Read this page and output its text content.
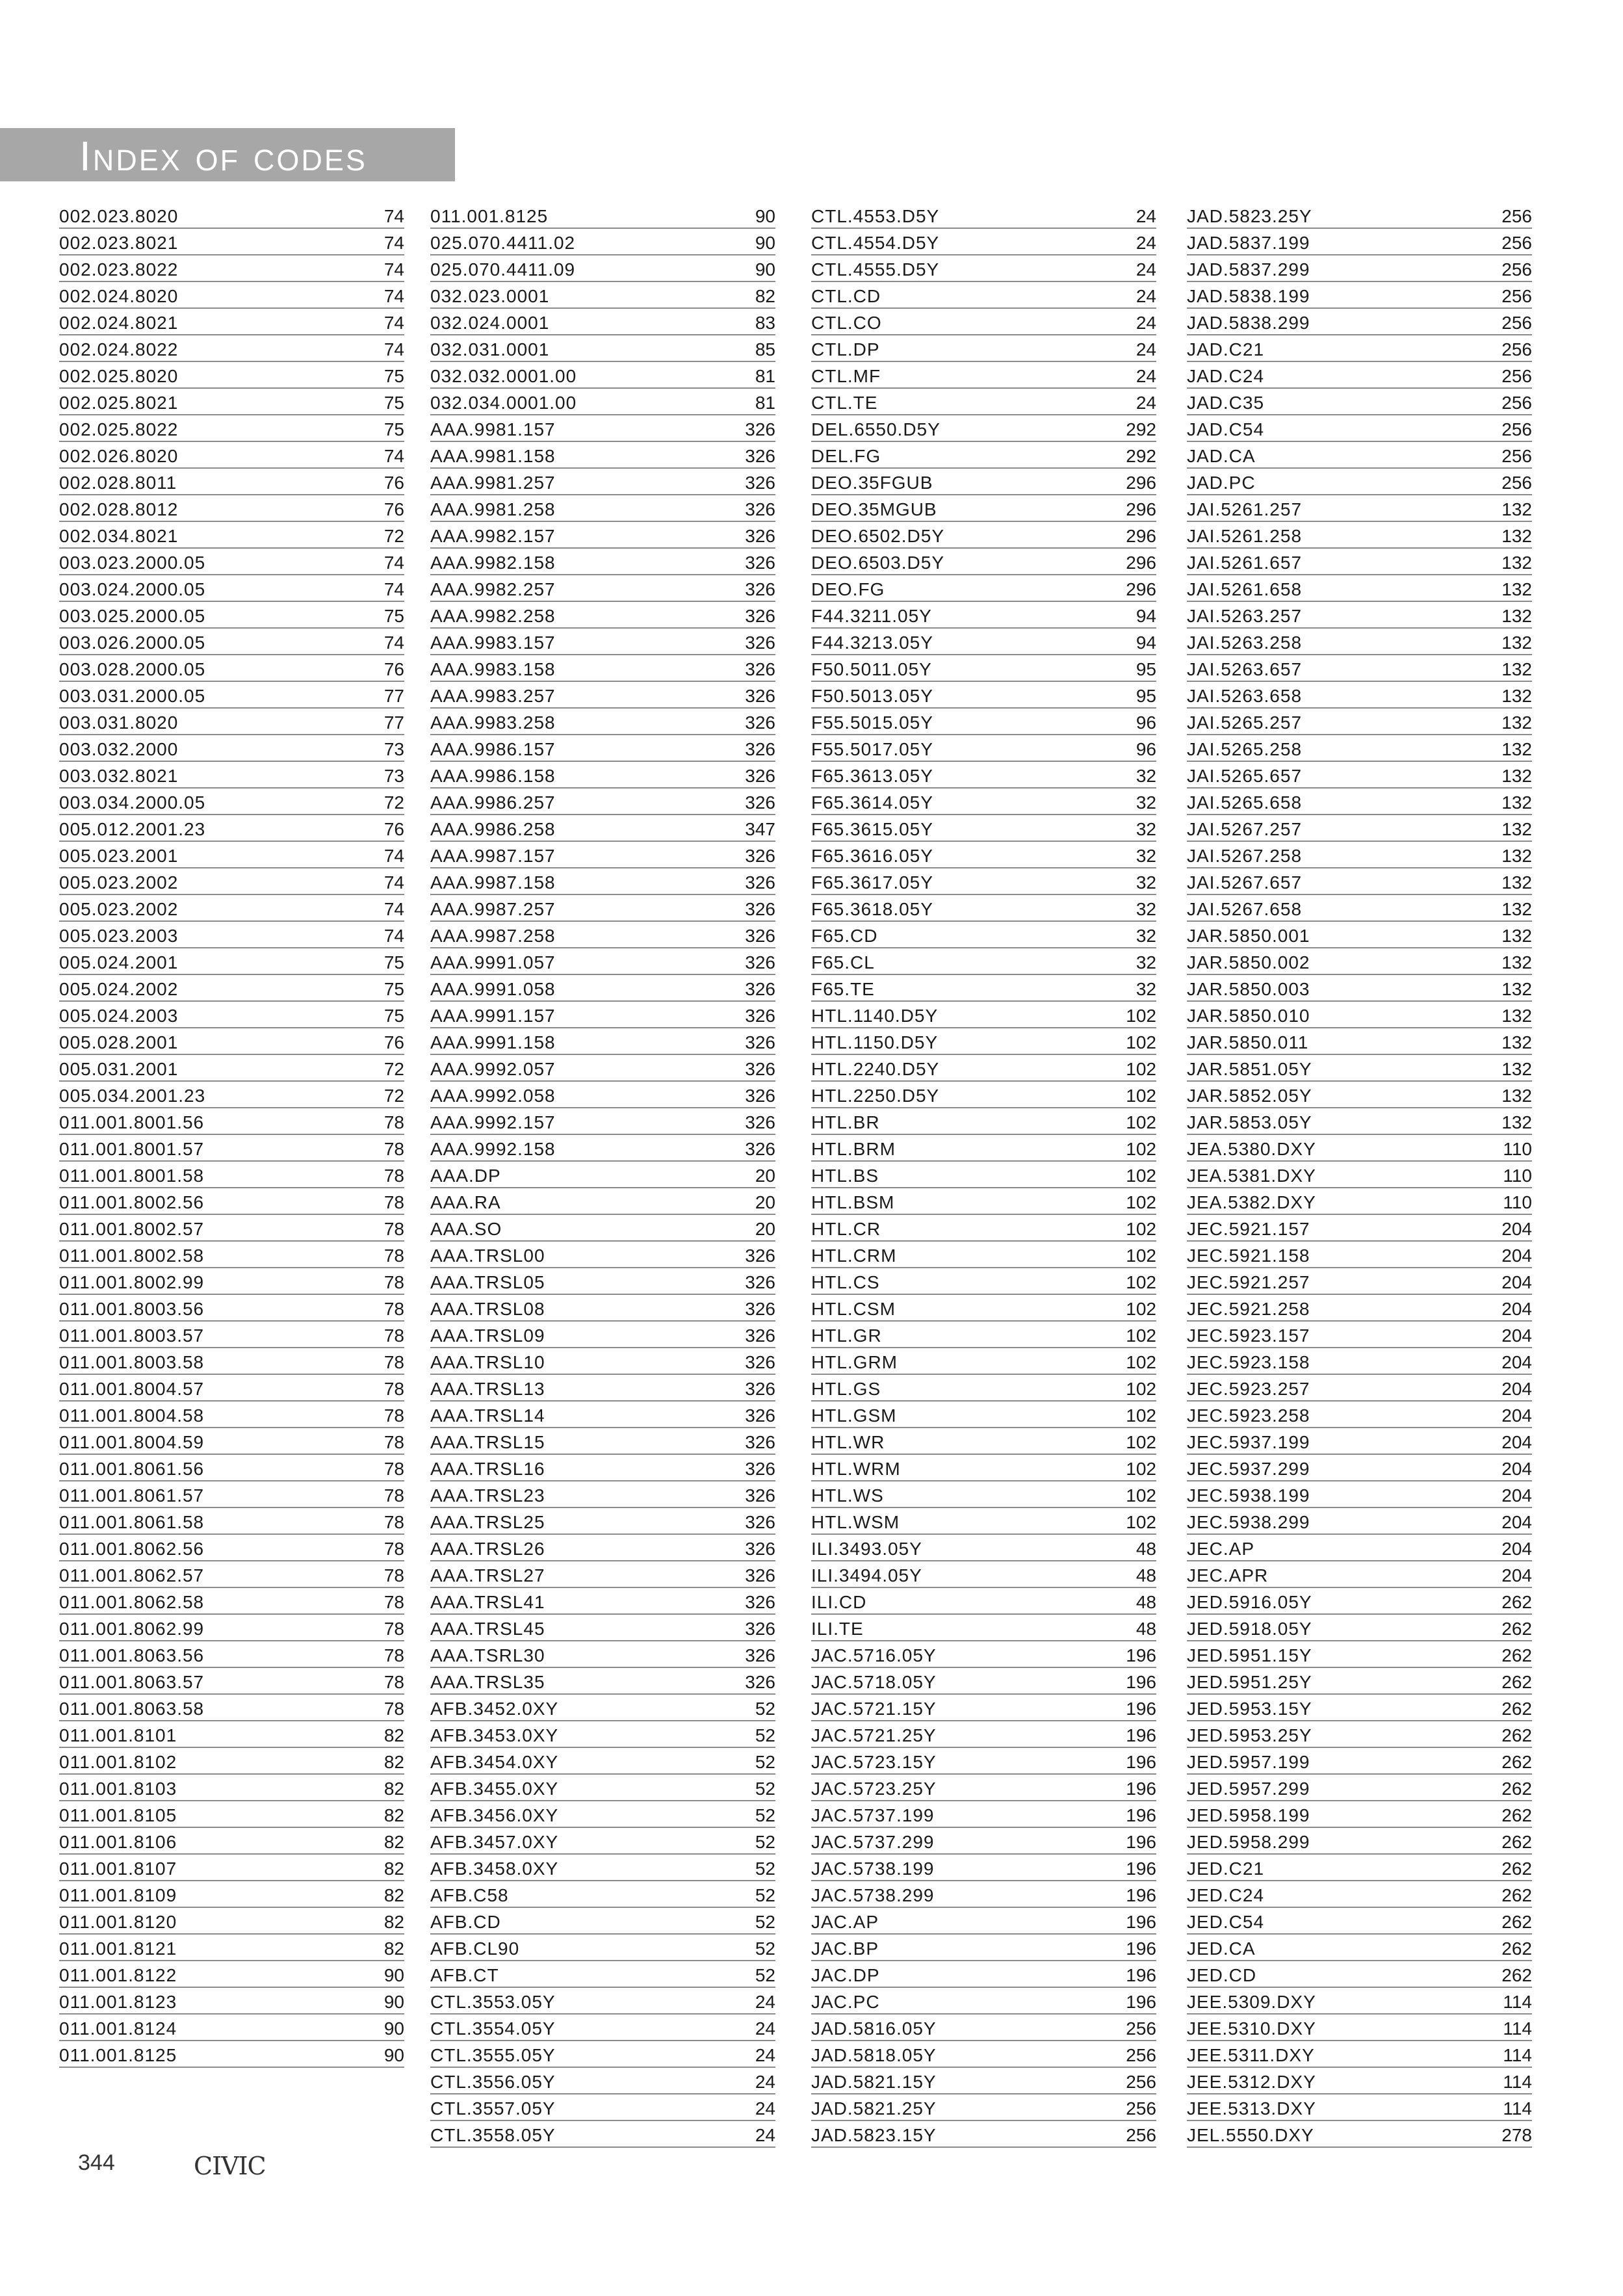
Index of codes
002.023.8020	74
002.023.8021	74
002.023.8022	74
002.024.8020	74
002.024.8021	74
002.024.8022	74
002.025.8020	75
002.025.8021	75
002.025.8022	75
002.026.8020	74
002.028.8011	76
002.028.8012	76
002.034.8021	72
003.023.2000.05	74
003.024.2000.05	74
003.025.2000.05	75
003.026.2000.05	74
003.028.2000.05	76
003.031.2000.05	77
003.031.8020	77
003.032.2000	73
003.032.8021	73
003.034.2000.05	72
005.012.2001.23	76
005.023.2001	74
005.023.2002	74
005.023.2002	74
005.023.2003	74
005.024.2001	75
005.024.2002	75
005.024.2003	75
005.028.2001	76
005.031.2001	72
005.034.2001.23	72
011.001.8001.56	78
011.001.8001.57	78
011.001.8001.58	78
011.001.8002.56	78
011.001.8002.57	78
011.001.8002.58	78
011.001.8002.99	78
011.001.8003.56	78
011.001.8003.57	78
011.001.8003.58	78
011.001.8004.57	78
011.001.8004.58	78
011.001.8004.59	78
011.001.8061.56	78
011.001.8061.57	78
011.001.8061.58	78
011.001.8062.56	78
011.001.8062.57	78
011.001.8062.58	78
011.001.8062.99	78
011.001.8063.56	78
011.001.8063.57	78
011.001.8063.58	78
011.001.8101	82
011.001.8102	82
011.001.8103	82
011.001.8105	82
011.001.8106	82
011.001.8107	82
011.001.8109	82
011.001.8120	82
011.001.8121	82
011.001.8122	90
011.001.8123	90
011.001.8124	90
011.001.8125	90
011.001.8125	90
025.070.4411.02	90
025.070.4411.09	90
032.023.0001	82
032.024.0001	83
032.031.0001	85
032.032.0001.00	81
032.034.0001.00	81
AAA.9981.157	326
AAA.9981.158	326
AAA.9981.257	326
AAA.9981.258	326
AAA.9982.157	326
AAA.9982.158	326
AAA.9982.257	326
AAA.9982.258	326
AAA.9983.157	326
AAA.9983.158	326
AAA.9983.257	326
AAA.9983.258	326
AAA.9986.157	326
AAA.9986.158	326
AAA.9986.257	326
AAA.9986.258	347
AAA.9987.157	326
AAA.9987.158	326
AAA.9987.257	326
AAA.9987.258	326
AAA.9991.057	326
AAA.9991.058	326
AAA.9991.157	326
AAA.9991.158	326
AAA.9992.057	326
AAA.9992.058	326
AAA.9992.157	326
AAA.9992.158	326
AAA.DP	20
AAA.RA	20
AAA.SO	20
AAA.TRSL00	326
AAA.TRSL05	326
AAA.TRSL08	326
AAA.TRSL09	326
AAA.TRSL10	326
AAA.TRSL13	326
AAA.TRSL14	326
AAA.TRSL15	326
AAA.TRSL16	326
AAA.TRSL23	326
AAA.TRSL25	326
AAA.TRSL26	326
AAA.TRSL27	326
AAA.TRSL41	326
AAA.TRSL45	326
AAA.TSRL30	326
AAA.TRSL35	326
AFB.3452.0XY	52
AFB.3453.0XY	52
AFB.3454.0XY	52
AFB.3455.0XY	52
AFB.3456.0XY	52
AFB.3457.0XY	52
AFB.3458.0XY	52
AFB.C58	52
AFB.CD	52
AFB.CL90	52
AFB.CT	52
CTL.3553.05Y	24
CTL.3554.05Y	24
CTL.3555.05Y	24
CTL.3556.05Y	24
CTL.3557.05Y	24
CTL.3558.05Y	24
CTL.4553.D5Y	24
CTL.4554.D5Y	24
CTL.4555.D5Y	24
CTL.CD	24
CTL.CO	24
CTL.DP	24
CTL.MF	24
CTL.TE	24
DEL.6550.D5Y	292
DEL.FG	292
DEO.35FGUB	296
DEO.35MGUB	296
DEO.6502.D5Y	296
DEO.6503.D5Y	296
DEO.FG	296
F44.3211.05Y	94
F44.3213.05Y	94
F50.5011.05Y	95
F50.5013.05Y	95
F55.5015.05Y	96
F55.5017.05Y	96
F65.3613.05Y	32
F65.3614.05Y	32
F65.3615.05Y	32
F65.3616.05Y	32
F65.3617.05Y	32
F65.3618.05Y	32
F65.CD	32
F65.CL	32
F65.TE	32
HTL.1140.D5Y	102
HTL.1150.D5Y	102
HTL.2240.D5Y	102
HTL.2250.D5Y	102
HTL.BR	102
HTL.BRM	102
HTL.BS	102
HTL.BSM	102
HTL.CR	102
HTL.CRM	102
HTL.CS	102
HTL.CSM	102
HTL.GR	102
HTL.GRM	102
HTL.GS	102
HTL.GSM	102
HTL.WR	102
HTL.WRM	102
HTL.WS	102
HTL.WSM	102
ILI.3493.05Y	48
ILI.3494.05Y	48
ILI.CD	48
ILI.TE	48
JAC.5716.05Y	196
JAC.5718.05Y	196
JAC.5721.15Y	196
JAC.5721.25Y	196
JAC.5723.15Y	196
JAC.5723.25Y	196
JAC.5737.199	196
JAC.5737.299	196
JAC.5738.199	196
JAC.5738.299	196
JAC.AP	196
JAC.BP	196
JAC.DP	196
JAC.PC	196
JAD.5816.05Y	256
JAD.5818.05Y	256
JAD.5821.15Y	256
JAD.5821.25Y	256
JAD.5823.15Y	256
JAD.5823.25Y	256
JAD.5837.199	256
JAD.5837.299	256
JAD.5838.199	256
JAD.5838.299	256
JAD.C21	256
JAD.C24	256
JAD.C35	256
JAD.C54	256
JAD.CA	256
JAD.PC	256
JAI.5261.257	132
JAI.5261.258	132
JAI.5261.657	132
JAI.5261.658	132
JAI.5263.257	132
JAI.5263.258	132
JAI.5263.657	132
JAI.5263.658	132
JAI.5265.257	132
JAI.5265.258	132
JAI.5265.657	132
JAI.5265.658	132
JAI.5267.257	132
JAI.5267.258	132
JAI.5267.657	132
JAI.5267.658	132
JAR.5850.001	132
JAR.5850.002	132
JAR.5850.003	132
JAR.5850.010	132
JAR.5850.011	132
JAR.5851.05Y	132
JAR.5852.05Y	132
JAR.5853.05Y	132
JEA.5380.DXY	110
JEA.5381.DXY	110
JEA.5382.DXY	110
JEC.5921.157	204
JEC.5921.158	204
JEC.5921.257	204
JEC.5921.258	204
JEC.5923.157	204
JEC.5923.158	204
JEC.5923.257	204
JEC.5923.258	204
JEC.5937.199	204
JEC.5937.299	204
JEC.5938.199	204
JEC.5938.299	204
JEC.AP	204
JEC.APR	204
JED.5916.05Y	262
JED.5918.05Y	262
JED.5951.15Y	262
JED.5951.25Y	262
JED.5953.15Y	262
JED.5953.25Y	262
JED.5957.199	262
JED.5957.299	262
JED.5958.199	262
JED.5958.299	262
JED.C21	262
JED.C24	262
JED.C54	262
JED.CA	262
JED.CD	262
JEE.5309.DXY	114
JEE.5310.DXY	114
JEE.5311.DXY	114
JEE.5312.DXY	114
JEE.5313.DXY	114
JEL.5550.DXY	278
344	CIVIC
